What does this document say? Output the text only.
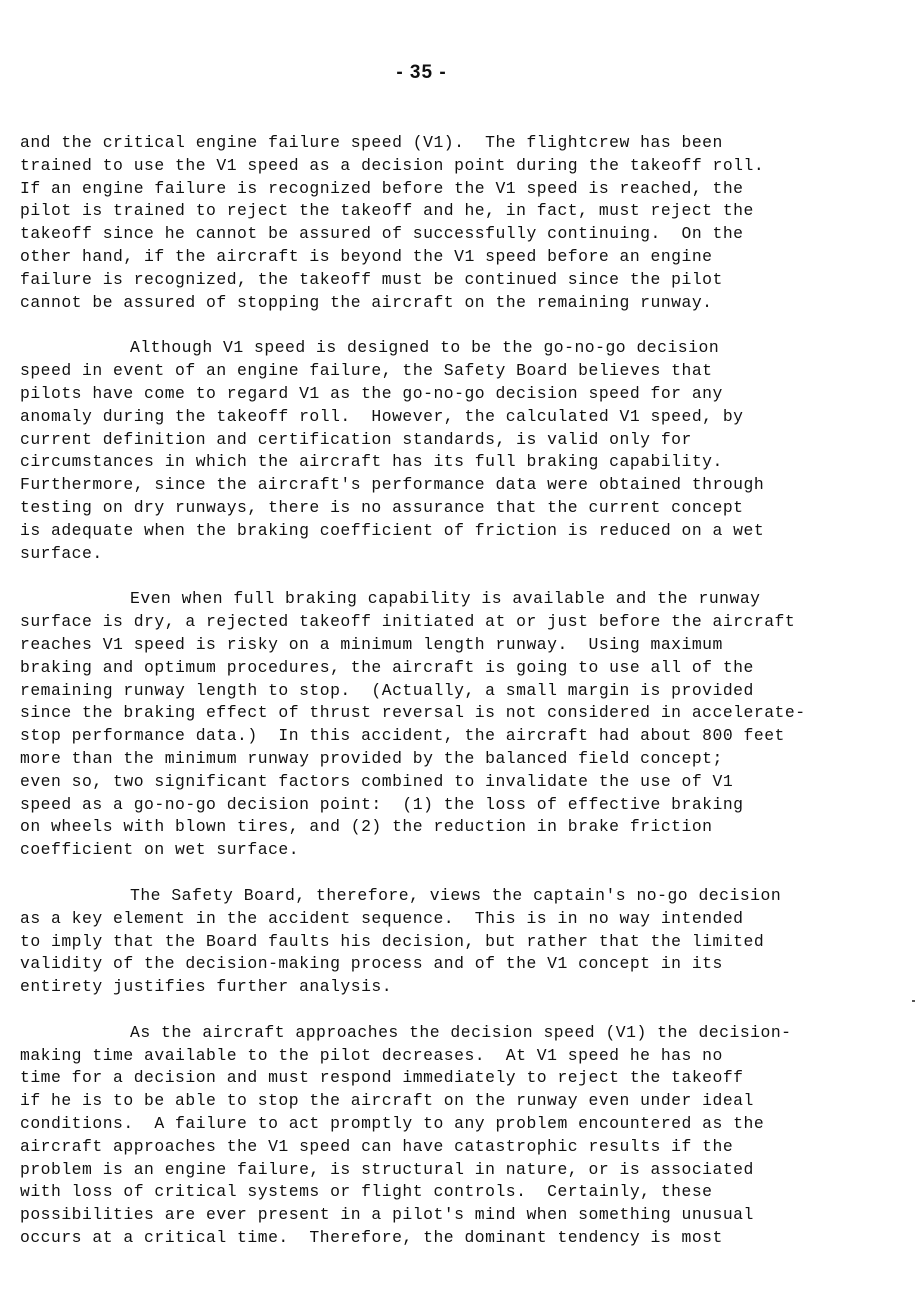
- 35 -
and the critical engine failure speed (V1).  The flightcrew has been
trained to use the V1 speed as a decision point during the takeoff roll.
If an engine failure is recognized before the V1 speed is reached, the
pilot is trained to reject the takeoff and he, in fact, must reject the
takeoff since he cannot be assured of successfully continuing.  On the
other hand, if the aircraft is beyond the V1 speed before an engine
failure is recognized, the takeoff must be continued since the pilot
cannot be assured of stopping the aircraft on the remaining runway.
Although V1 speed is designed to be the go-no-go decision
speed in event of an engine failure, the Safety Board believes that
pilots have come to regard V1 as the go-no-go decision speed for any
anomaly during the takeoff roll.  However, the calculated V1 speed, by
current definition and certification standards, is valid only for
circumstances in which the aircraft has its full braking capability.
Furthermore, since the aircraft's performance data were obtained through
testing on dry runways, there is no assurance that the current concept
is adequate when the braking coefficient of friction is reduced on a wet
surface.
Even when full braking capability is available and the runway
surface is dry, a rejected takeoff initiated at or just before the aircraft
reaches V1 speed is risky on a minimum length runway.  Using maximum
braking and optimum procedures, the aircraft is going to use all of the
remaining runway length to stop.  (Actually, a small margin is provided
since the braking effect of thrust reversal is not considered in accelerate-
stop performance data.)  In this accident, the aircraft had about 800 feet
more than the minimum runway provided by the balanced field concept;
even so, two significant factors combined to invalidate the use of V1
speed as a go-no-go decision point:  (1) the loss of effective braking
on wheels with blown tires, and (2) the reduction in brake friction
coefficient on wet surface.
The Safety Board, therefore, views the captain's no-go decision
as a key element in the accident sequence.  This is in no way intended
to imply that the Board faults his decision, but rather that the limited
validity of the decision-making process and of the V1 concept in its
entirety justifies further analysis.
As the aircraft approaches the decision speed (V1) the decision-
making time available to the pilot decreases.  At V1 speed he has no
time for a decision and must respond immediately to reject the takeoff
if he is to be able to stop the aircraft on the runway even under ideal
conditions.  A failure to act promptly to any problem encountered as the
aircraft approaches the V1 speed can have catastrophic results if the
problem is an engine failure, is structural in nature, or is associated
with loss of critical systems or flight controls.  Certainly, these
possibilities are ever present in a pilot's mind when something unusual
occurs at a critical time.  Therefore, the dominant tendency is most
